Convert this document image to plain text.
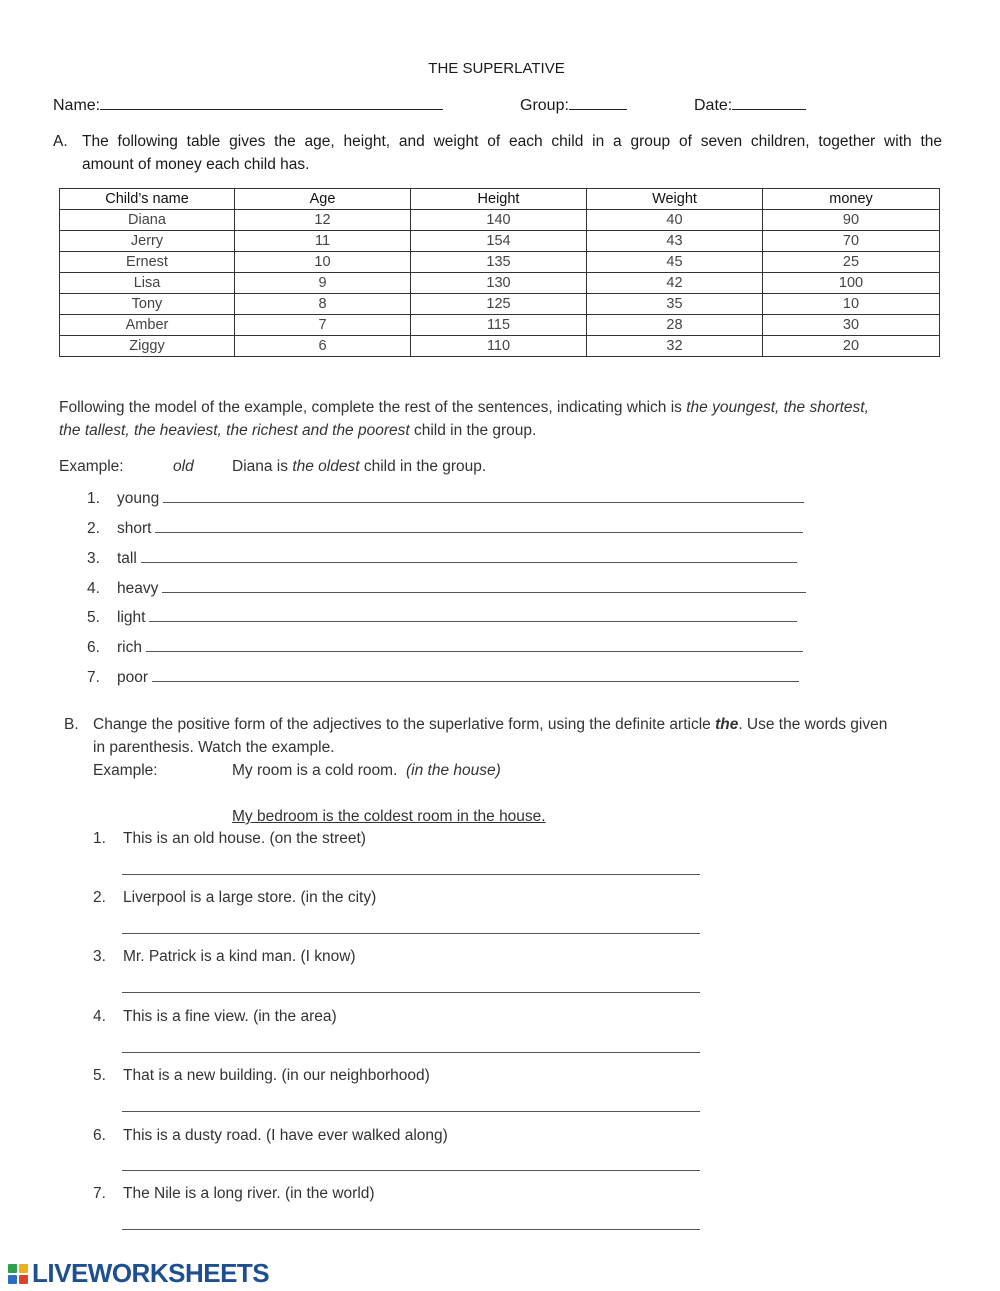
THE SUPERLATIVE
Name:	Group:	Date:
A. The following table gives the age, height, and weight of each child in a group of seven children, together with the
amount of money each child has.
Child’s name	Age	Height	Weight	money
Diana	12	140	40	90
Jerry	11	154	43	70
Ernest	10	135	45	25
Lisa	9	130	42	100
Tony	8	125	35	10
Amber	7	115	28	30
Ziggy	6	110	32	20
Following the model of the example, complete the rest of the sentences, indicating which is the youngest, the shortest,
the tallest, the heaviest, the richest and the poorest child in the group.
Example:	old Diana is the oldest child in the group.
1. young
2. short
3. tall
4. heavy
5. light
6. rich
7. poor
B. Change the positive form of the adjectives to the superlative form, using the definite article the. Use the words given
in parenthesis. Watch the example.
Example:	My room is a cold room. (in the house)
My bedroom is the coldest room in the house.
1. This is an old house. (on the street)
2. Liverpool is a large store. (in the city)
3. Mr. Patrick is a kind man. (I know)
4. This is a fine view. (in the area)
5. That is a new building. (in our neighborhood)
6. This is a dusty road. (I have ever walked along)
7. The Nile is a long river. (in the world)
LIVEWORKSHEETS
